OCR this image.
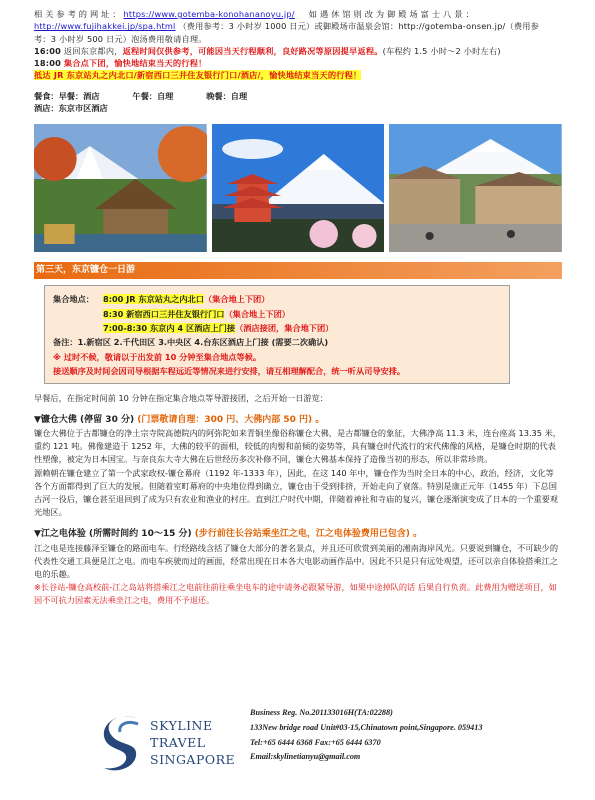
相 关 参 考 的 网 址 ： https://www.gotemba-konohananoyu.jp/ 如 遇 休 馆 则 改 为 御 殿 场 富 士 八 景 ：

http://www.fujihakkei.jp/spa.html （费用参考：3 小时岁 1000 日元）或御殿场市温泉会馆：http://gotemba-onsen.jp/（费用参

考：3 小时岁 500 日元）泡汤费用敬请自理。

16:00 返回东京都内，返程时间仅供参考，可能因当天行程顺利，良好路况等原因提早返程。(车程约 1.5 小时～2 小时左右)

18:00 集合点下团，愉快地结束当天的行程！

抵达 JR 东京站丸之内北口/新宿西口三井住友银行门口/酒店/，愉快地结束当天的行程！

餐食：早餐：酒店	午餐：自理	晚餐：自理

酒店：东京市区酒店

第三天，东京镰仓一日游
集合地点：	8:00 JR 东京站丸之内北口（集合地上下团）
8:30 新宿西口三井住友银行门口（集合地上下团）
7:00-8:30 东京内 4 区酒店上门接（酒店接团，集合地下团）

备注：1.新宿区 2.千代田区 3.中央区 4.台东区酒店上门接 (需要二次确认)

※ 过时不候，敬请以于出发前 10 分钟至集合地点等候。

接送顺序及时间会因司导根据车程远近等情况来进行安排，请互相理解配合，统一听从司导安排。

早餐后，在指定时间前 10 分钟在指定集合地点等导游接团，之后开始一日游览：

▼镰仓大佛 (停留 30 分) (门票敬请自理：300 円、大佛内部 50 円) 。

镰仓大佛位于古都镰仓的净土宗寺院高德院内的阿弥陀如来青铜坐像俗称镰仓大佛，是古都镰仓的象征，大佛净高 11.3 米，连台座高 13.35 米，重约 121 吨。佛像建造于 1252 年，大佛的较平的面相，较低的肉髻和前倾的姿势等，具有镰仓时代流行的宋代佛像的风格，是镰仓时期的代表性塑像，被定为日本国宝。与奈良东大寺大佛在后世经历多次补修不同，镰仓大佛基本保持了造像当初的形态，所以非常珍贵。

源赖朝在镰仓建立了第一个武家政权-镰仓幕府（1192 年-1333 年），因此，在这 140 年中，镰仓作为当时全日本的中心，政治，经济，文化等各个方面都得到了巨大的发展。但随着室町幕府的中央地位得到确立，镰仓由于受到排挤，开始走向了衰落。特别是康正元年（1455 年）下总国古河一役后，镰仓甚至退回到了成为只有农业和渔业的村庄。直到江户时代中期，伴随着神社和寺庙的复兴，镰仓逐渐演变成了日本的一个重要观光地区。

▼江之电体验 (所需时间约 10～15 分) (步行前往长谷站乘坐江之电，江之电体验费用已包含) 。

江之电是连接藤泽至镰仓的路面电车。行经路线含括了镰仓大部分的著名景点，并且还可欣赏到美丽的湘南海岸风光。只要说到镰仓，不可缺少的代表性交通工具便是江之电。而电车疾驶而过的画面，经常出现在日本各大电影动画作品中。因此不只是只有远处观望，还可以亲自体验搭乘江之电的乐趣。

※长谷站-镰仓高校前-江之岛站将搭乘江之电前往前往乘坐电车的途中请务必跟紧导游，如果中途掉队的话 后果自行负责。此费用为赠送项目，如因不可抗力因素无法乘坐江之电，费用不予退还。

SKYLINE
TRAVEL
SINGAPORE
Business Reg. No.201133016H(TA:02288)
133New bridge road Unit#03-15,Chinatown point,Singapore. 059413
Tel:+65 6444 6368 Fax:+65 6444 6370
Email:skylinetianyu@gmail.com
